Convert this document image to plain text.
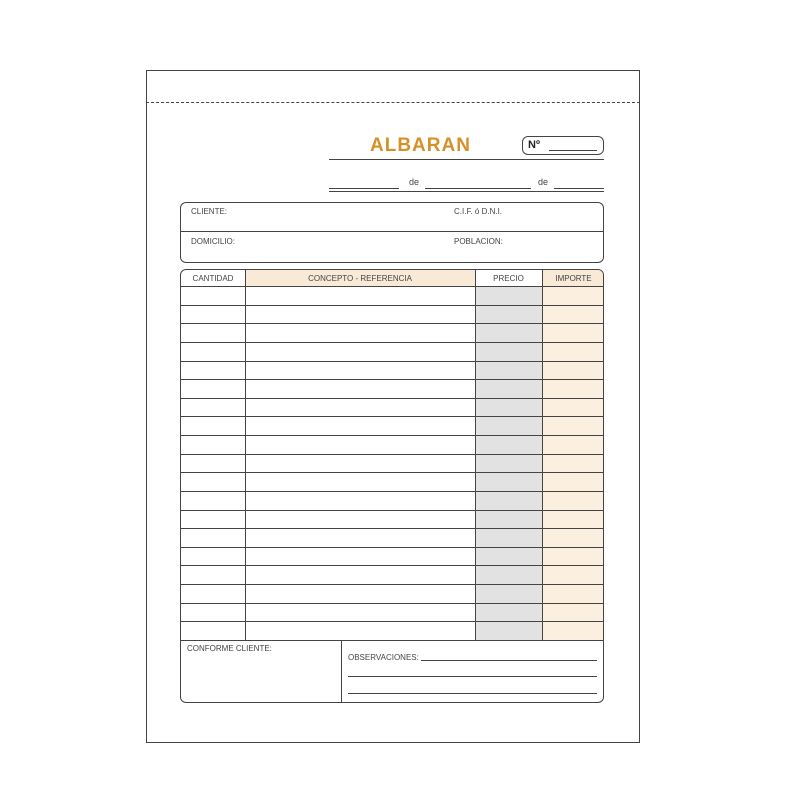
ALBARAN	Nº
de	de
CLIENTE:	C.I.F. ó D.N.I.
DOMICILIO:	POBLACION:
CANTIDAD	CONCEPTO - REFERENCIA	PRECIO	IMPORTE
CONFORME CLIENTE:
OBSERVACIONES:
